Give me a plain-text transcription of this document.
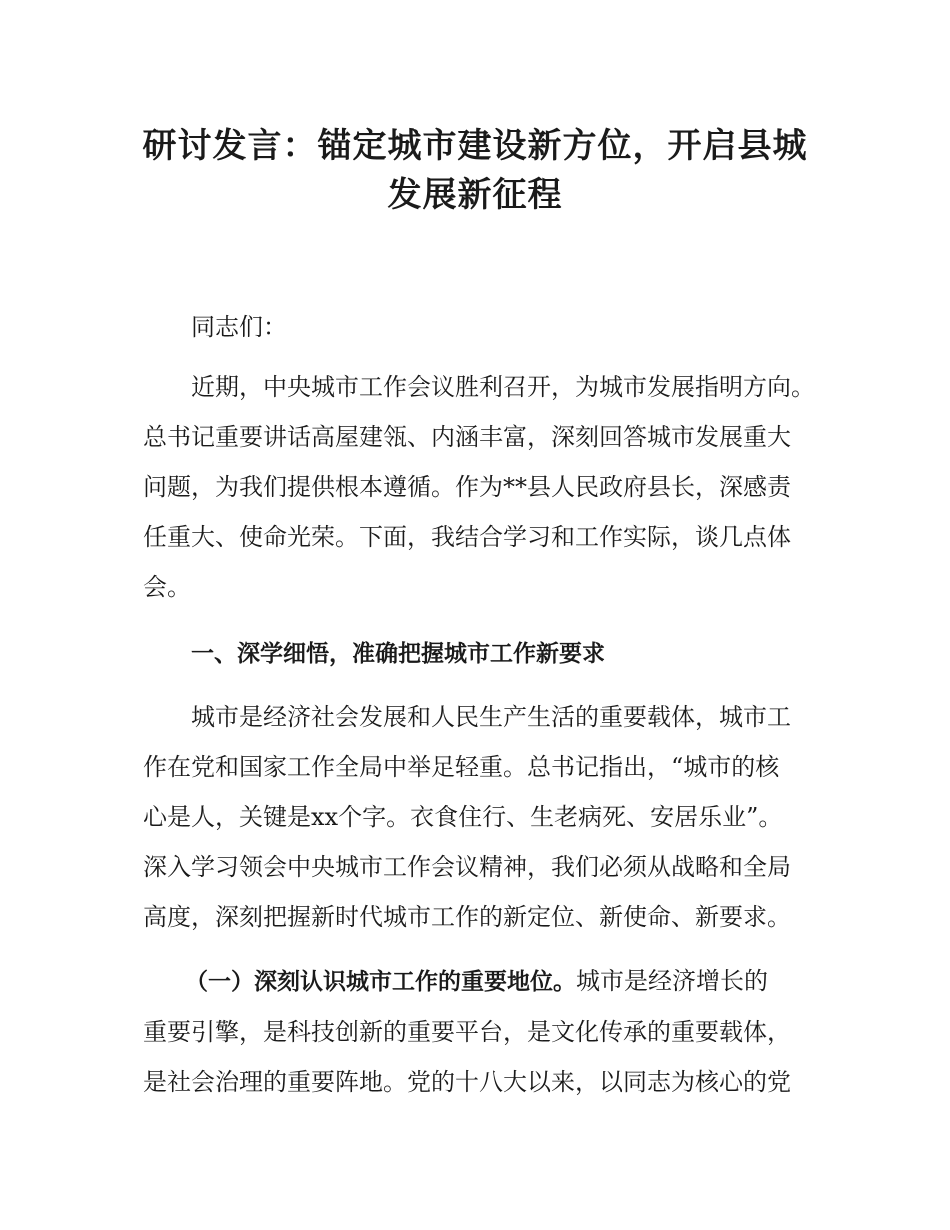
研讨发言：锚定城市建设新方位，开启县城
发展新征程

同志们：

近期，中央城市工作会议胜利召开，为城市发展指明方向。

总书记重要讲话高屋建瓴、内涵丰富，深刻回答城市发展重大

问题，为我们提供根本遵循。作为**县人民政府县长，深感责

任重大、使命光荣。下面，我结合学习和工作实际，谈几点体

会。

一、深学细悟，准确把握城市工作新要求

城市是经济社会发展和人民生产生活的重要载体，城市工

作在党和国家工作全局中举足轻重。总书记指出，“城市的核

心是人，关键是xx个字。衣食住行、生老病死、安居乐业”。

深入学习领会中央城市工作会议精神，我们必须从战略和全局

高度，深刻把握新时代城市工作的新定位、新使命、新要求。

（一）深刻认识城市工作的重要地位。城市是经济增长的

重要引擎，是科技创新的重要平台，是文化传承的重要载体，

是社会治理的重要阵地。党的十八大以来，以同志为核心的党
